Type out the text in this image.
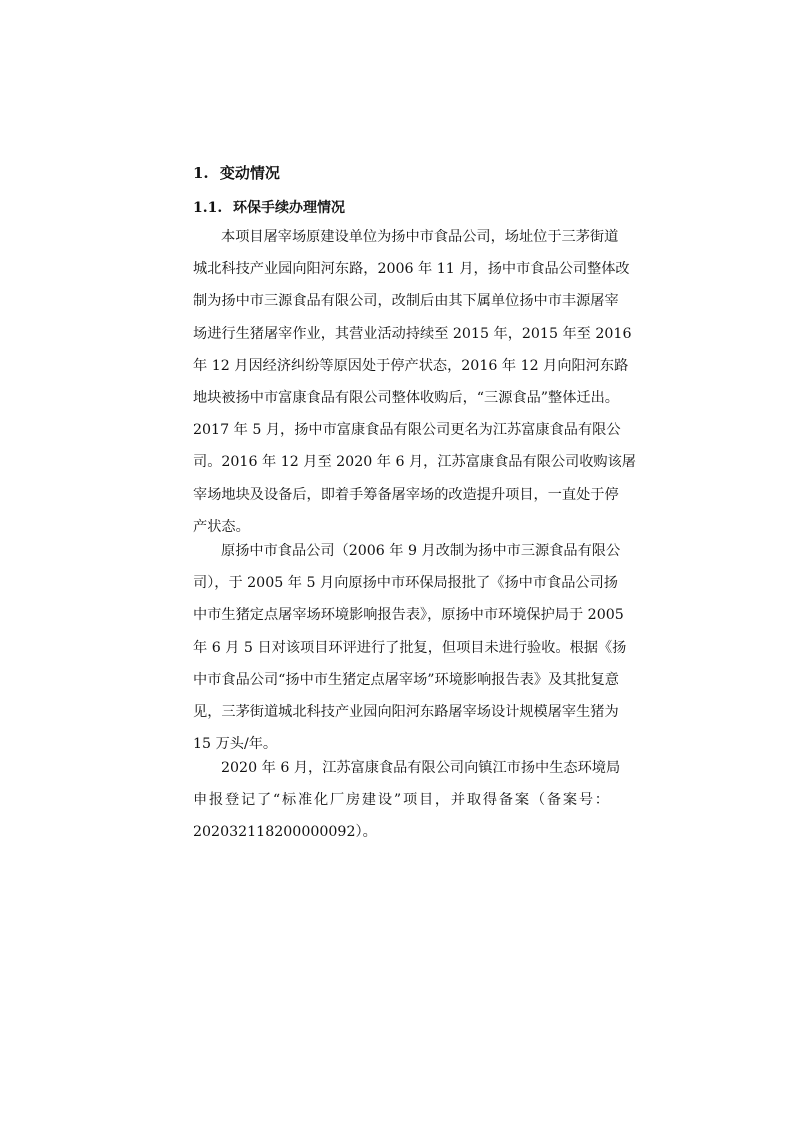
1. 变动情况
1.1. 环保手续办理情况
本项目屠宰场原建设单位为扬中市食品公司，场址位于三茅街道
城北科技产业园向阳河东路，2006 年 11 月，扬中市食品公司整体改
制为扬中市三源食品有限公司，改制后由其下属单位扬中市丰源屠宰
场进行生猪屠宰作业，其营业活动持续至 2015 年，2015 年至 2016
年 12 月因经济纠纷等原因处于停产状态，2016 年 12 月向阳河东路
地块被扬中市富康食品有限公司整体收购后，“三源食品”整体迁出。
2017 年 5 月，扬中市富康食品有限公司更名为江苏富康食品有限公
司。2016 年 12 月至 2020 年 6 月，江苏富康食品有限公司收购该屠
宰场地块及设备后，即着手筹备屠宰场的改造提升项目，一直处于停
产状态。
原扬中市食品公司（2006 年 9 月改制为扬中市三源食品有限公
司），于 2005 年 5 月向原扬中市环保局报批了《扬中市食品公司扬
中市生猪定点屠宰场环境影响报告表》，原扬中市环境保护局于 2005
年 6 月 5 日对该项目环评进行了批复，但项目未进行验收。根据《扬
中市食品公司“扬中市生猪定点屠宰场”环境影响报告表》及其批复意
见，三茅街道城北科技产业园向阳河东路屠宰场设计规模屠宰生猪为
15 万头/年。
2020 年 6 月，江苏富康食品有限公司向镇江市扬中生态环境局
申报登记了“标准化厂房建设”项目，并取得备案（备案号：
202032118200000092）。
